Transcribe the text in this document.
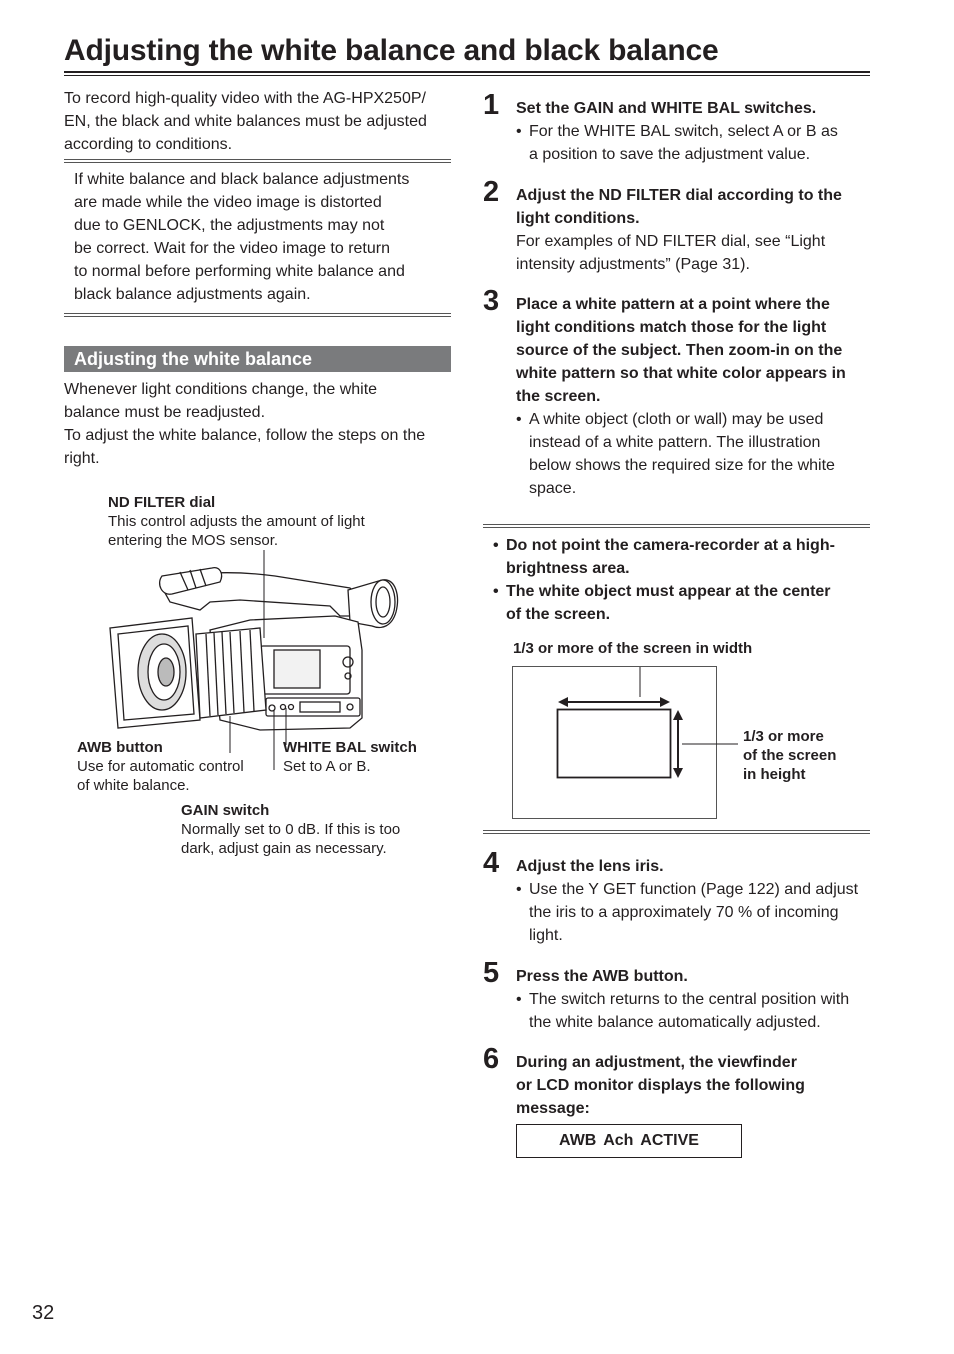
Adjusting the white balance and black balance
To record high-quality video with the AG-HPX250P/
EN, the black and white balances must be adjusted
according to conditions.
If white balance and black balance adjustments
are made while the video image is distorted
due to GENLOCK, the adjustments may not
be correct. Wait for the video image to return
to normal before performing white balance and
black balance adjustments again.
Adjusting the white balance
Whenever light conditions change, the white
balance must be readjusted.
To adjust the white balance, follow the steps on the
right.
ND FILTER dial
This control adjusts the amount of light
entering the MOS sensor.
AWB button
Use for automatic control
of white balance.
WHITE BAL switch
Set to A or B.
GAIN switch
Normally set to 0 dB. If this is too
dark, adjust gain as necessary.
1 Set the GAIN and WHITE BAL switches.
• For the WHITE BAL switch, select A or B as
a position to save the adjustment value.
2 Adjust the ND FILTER dial according to the
light conditions.
For examples of ND FILTER dial, see “Light
intensity adjustments” (Page 31).
3 Place a white pattern at a point where the
light conditions match those for the light
source of the subject. Then zoom-in on the
white pattern so that white color appears in
the screen.
• A white object (cloth or wall) may be used
instead of a white pattern. The illustration
below shows the required size for the white
space.
• Do not point the camera-recorder at a high-
brightness area.
• The white object must appear at the center
of the screen.
1/3 or more of the screen in width
1/3 or more
of the screen
in height
4 Adjust the lens iris.
• Use the Y GET function (Page 122) and adjust
the iris to a approximately 70 % of incoming
light.
5 Press the AWB button.
• The switch returns to the central position with
the white balance automatically adjusted.
6 During an adjustment, the viewfinder
or LCD monitor displays the following
message:
AWB Ach ACTIVE
32
